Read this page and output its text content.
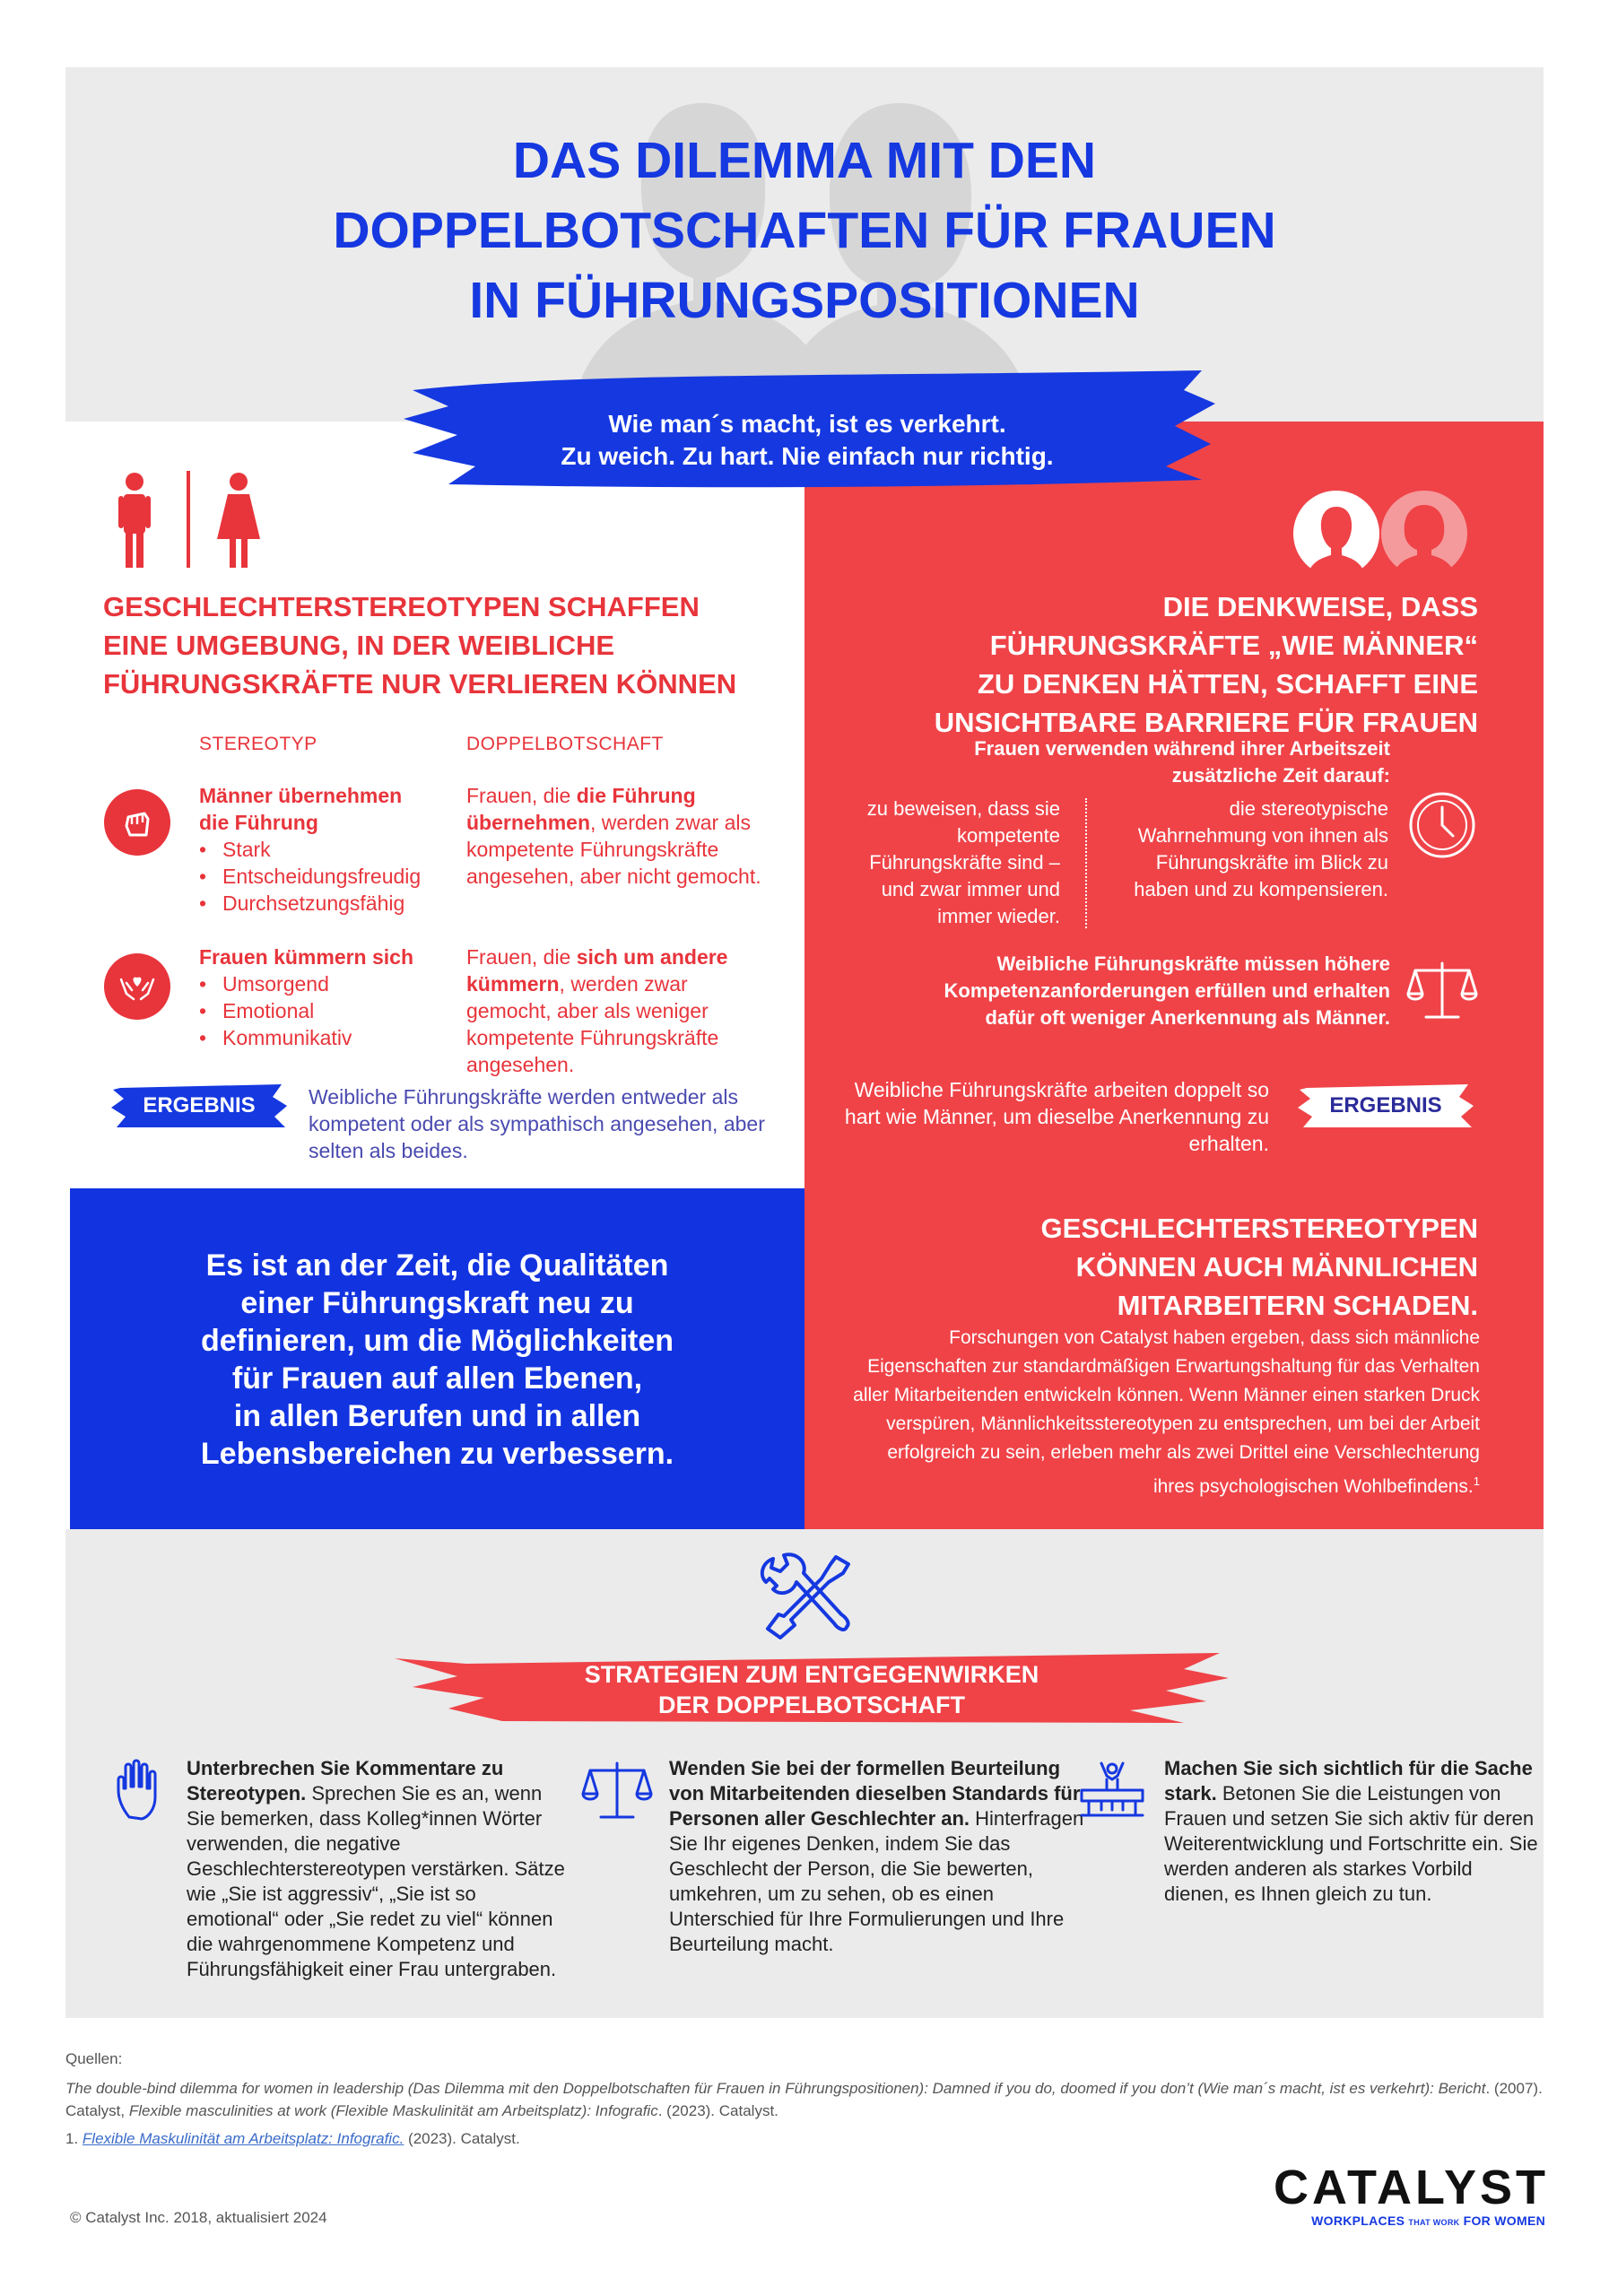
DAS DILEMMA MIT DEN
DOPPELBOTSCHAFTEN FÜR FRAUEN
IN FÜHRUNGSPOSITIONEN
Wie man´s macht, ist es verkehrt.
Zu weich. Zu hart. Nie einfach nur richtig.
GESCHLECHTERSTEREOTYPEN SCHAFFEN
EINE UMGEBUNG, IN DER WEIBLICHE
FÜHRUNGSKRÄFTE NUR VERLIEREN KÖNNEN
STEREOTYP	DOPPELBOTSCHAFT
Männer übernehmen
die Führung
• Stark
• Entscheidungsfreudig
• Durchsetzungsfähig
Frauen, die die Führung übernehmen, werden zwar als kompetente Führungskräfte angesehen, aber nicht gemocht.
Frauen kümmern sich
• Umsorgend
• Emotional
• Kommunikativ
Frauen, die sich um andere kümmern, werden zwar gemocht, aber als weniger kompetente Führungskräfte angesehen.
ERGEBNIS	Weibliche Führungskräfte werden entweder als kompetent oder als sympathisch angesehen, aber selten als beides.
DIE DENKWEISE, DASS
FÜHRUNGSKRÄFTE „WIE MÄNNER“
ZU DENKEN HÄTTEN, SCHAFFT EINE
UNSICHTBARE BARRIERE FÜR FRAUEN
Frauen verwenden während ihrer Arbeitszeit
zusätzliche Zeit darauf:
zu beweisen, dass sie kompetente Führungskräfte sind – und zwar immer und immer wieder.
die stereotypische Wahrnehmung von ihnen als Führungskräfte im Blick zu haben und zu kompensieren.
Weibliche Führungskräfte müssen höhere Kompetenzanforderungen erfüllen und erhalten dafür oft weniger Anerkennung als Männer.
Weibliche Führungskräfte arbeiten doppelt so hart wie Männer, um dieselbe Anerkennung zu erhalten.
ERGEBNIS
GESCHLECHTERSTEREOTYPEN
KÖNNEN AUCH MÄNNLICHEN
MITARBEITERN SCHADEN.
Forschungen von Catalyst haben ergeben, dass sich männliche Eigenschaften zur standardmäßigen Erwartungshaltung für das Verhalten aller Mitarbeitenden entwickeln können. Wenn Männer einen starken Druck verspüren, Männlichkeitsstereotypen zu entsprechen, um bei der Arbeit erfolgreich zu sein, erleben mehr als zwei Drittel eine Verschlechterung ihres psychologischen Wohlbefindens.$^1$
Es ist an der Zeit, die Qualitäten
einer Führungskraft neu zu
definieren, um die Möglichkeiten
für Frauen auf allen Ebenen,
in allen Berufen und in allen
Lebensbereichen zu verbessern.
STRATEGIEN ZUM ENTGEGENWIRKEN
DER DOPPELBOTSCHAFT
Unterbrechen Sie Kommentare zu Stereotypen. Sprechen Sie es an, wenn Sie bemerken, dass Kolleg*innen Wörter verwenden, die negative Geschlechterstereotypen verstärken. Sätze wie „Sie ist aggressiv“, „Sie ist so emotional“ oder „Sie redet zu viel“ können die wahrgenommene Kompetenz und Führungsfähigkeit einer Frau untergraben.
Wenden Sie bei der formellen Beurteilung von Mitarbeitenden dieselben Standards für Personen aller Geschlechter an. Hinterfragen Sie Ihr eigenes Denken, indem Sie das Geschlecht der Person, die Sie bewerten, umkehren, um zu sehen, ob es einen Unterschied für Ihre Formulierungen und Ihre Beurteilung macht.
Machen Sie sich sichtlich für die Sache stark. Betonen Sie die Leistungen von Frauen und setzen Sie sich aktiv für deren Weiterentwicklung und Fortschritte ein. Sie werden anderen als starkes Vorbild dienen, es Ihnen gleich zu tun.
Quellen:
The double-bind dilemma for women in leadership (Das Dilemma mit den Doppelbotschaften für Frauen in Führungspositionen): Damned if you do, doomed if you don’t (Wie man´s macht, ist es verkehrt): Bericht. (2007). Catalyst, Flexible masculinities at work (Flexible Maskulinität am Arbeitsplatz): Infografic. (2023). Catalyst.
1. Flexible Maskulinität am Arbeitsplatz: Infografic. (2023). Catalyst.
© Catalyst Inc. 2018, aktualisiert 2024
CATALYST
WORKPLACES THAT WORK FOR WOMEN
